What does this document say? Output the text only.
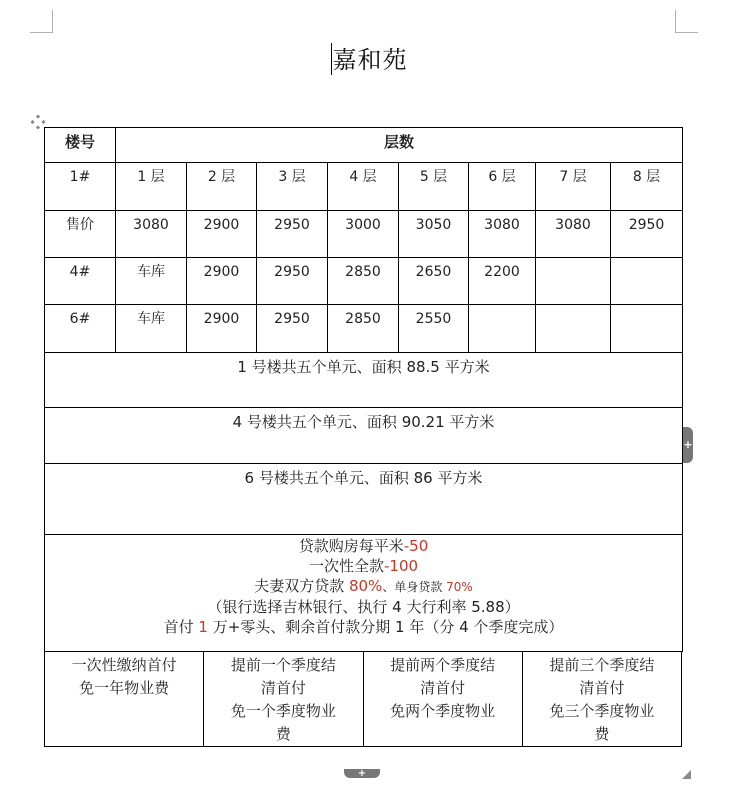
嘉和苑
楼号	层数							
1#	1 层	2 层	3 层	4 层	5 层	6 层	7 层	8 层
售价	3080	2900	2950	3000	3050	3080	3080	2950
4#	车库	2900	2950	2850	2650	2200		
6#	车库	2900	2950	2850	2550			
1 号楼共五个单元、面积 88.5 平方米								
4 号楼共五个单元、面积 90.21 平方米								
6 号楼共五个单元、面积 86 平方米								

贷款购房每平米-50
一次性全款-100
夫妻双方贷款 80%、单身贷款 70%
（银行选择吉林银行、执行 4 大行利率 5.88）
首付 1 万+零头、剩余首付款分期 1 年（分 4 个季度完成）								
一次性缴纳首付
免一年物业费

提前一个季度结
清首付
免一个季度物业
费

提前两个季度结
清首付
免两个季度物业

提前三个季度结
清首付
免三个季度物业
费
+
+
